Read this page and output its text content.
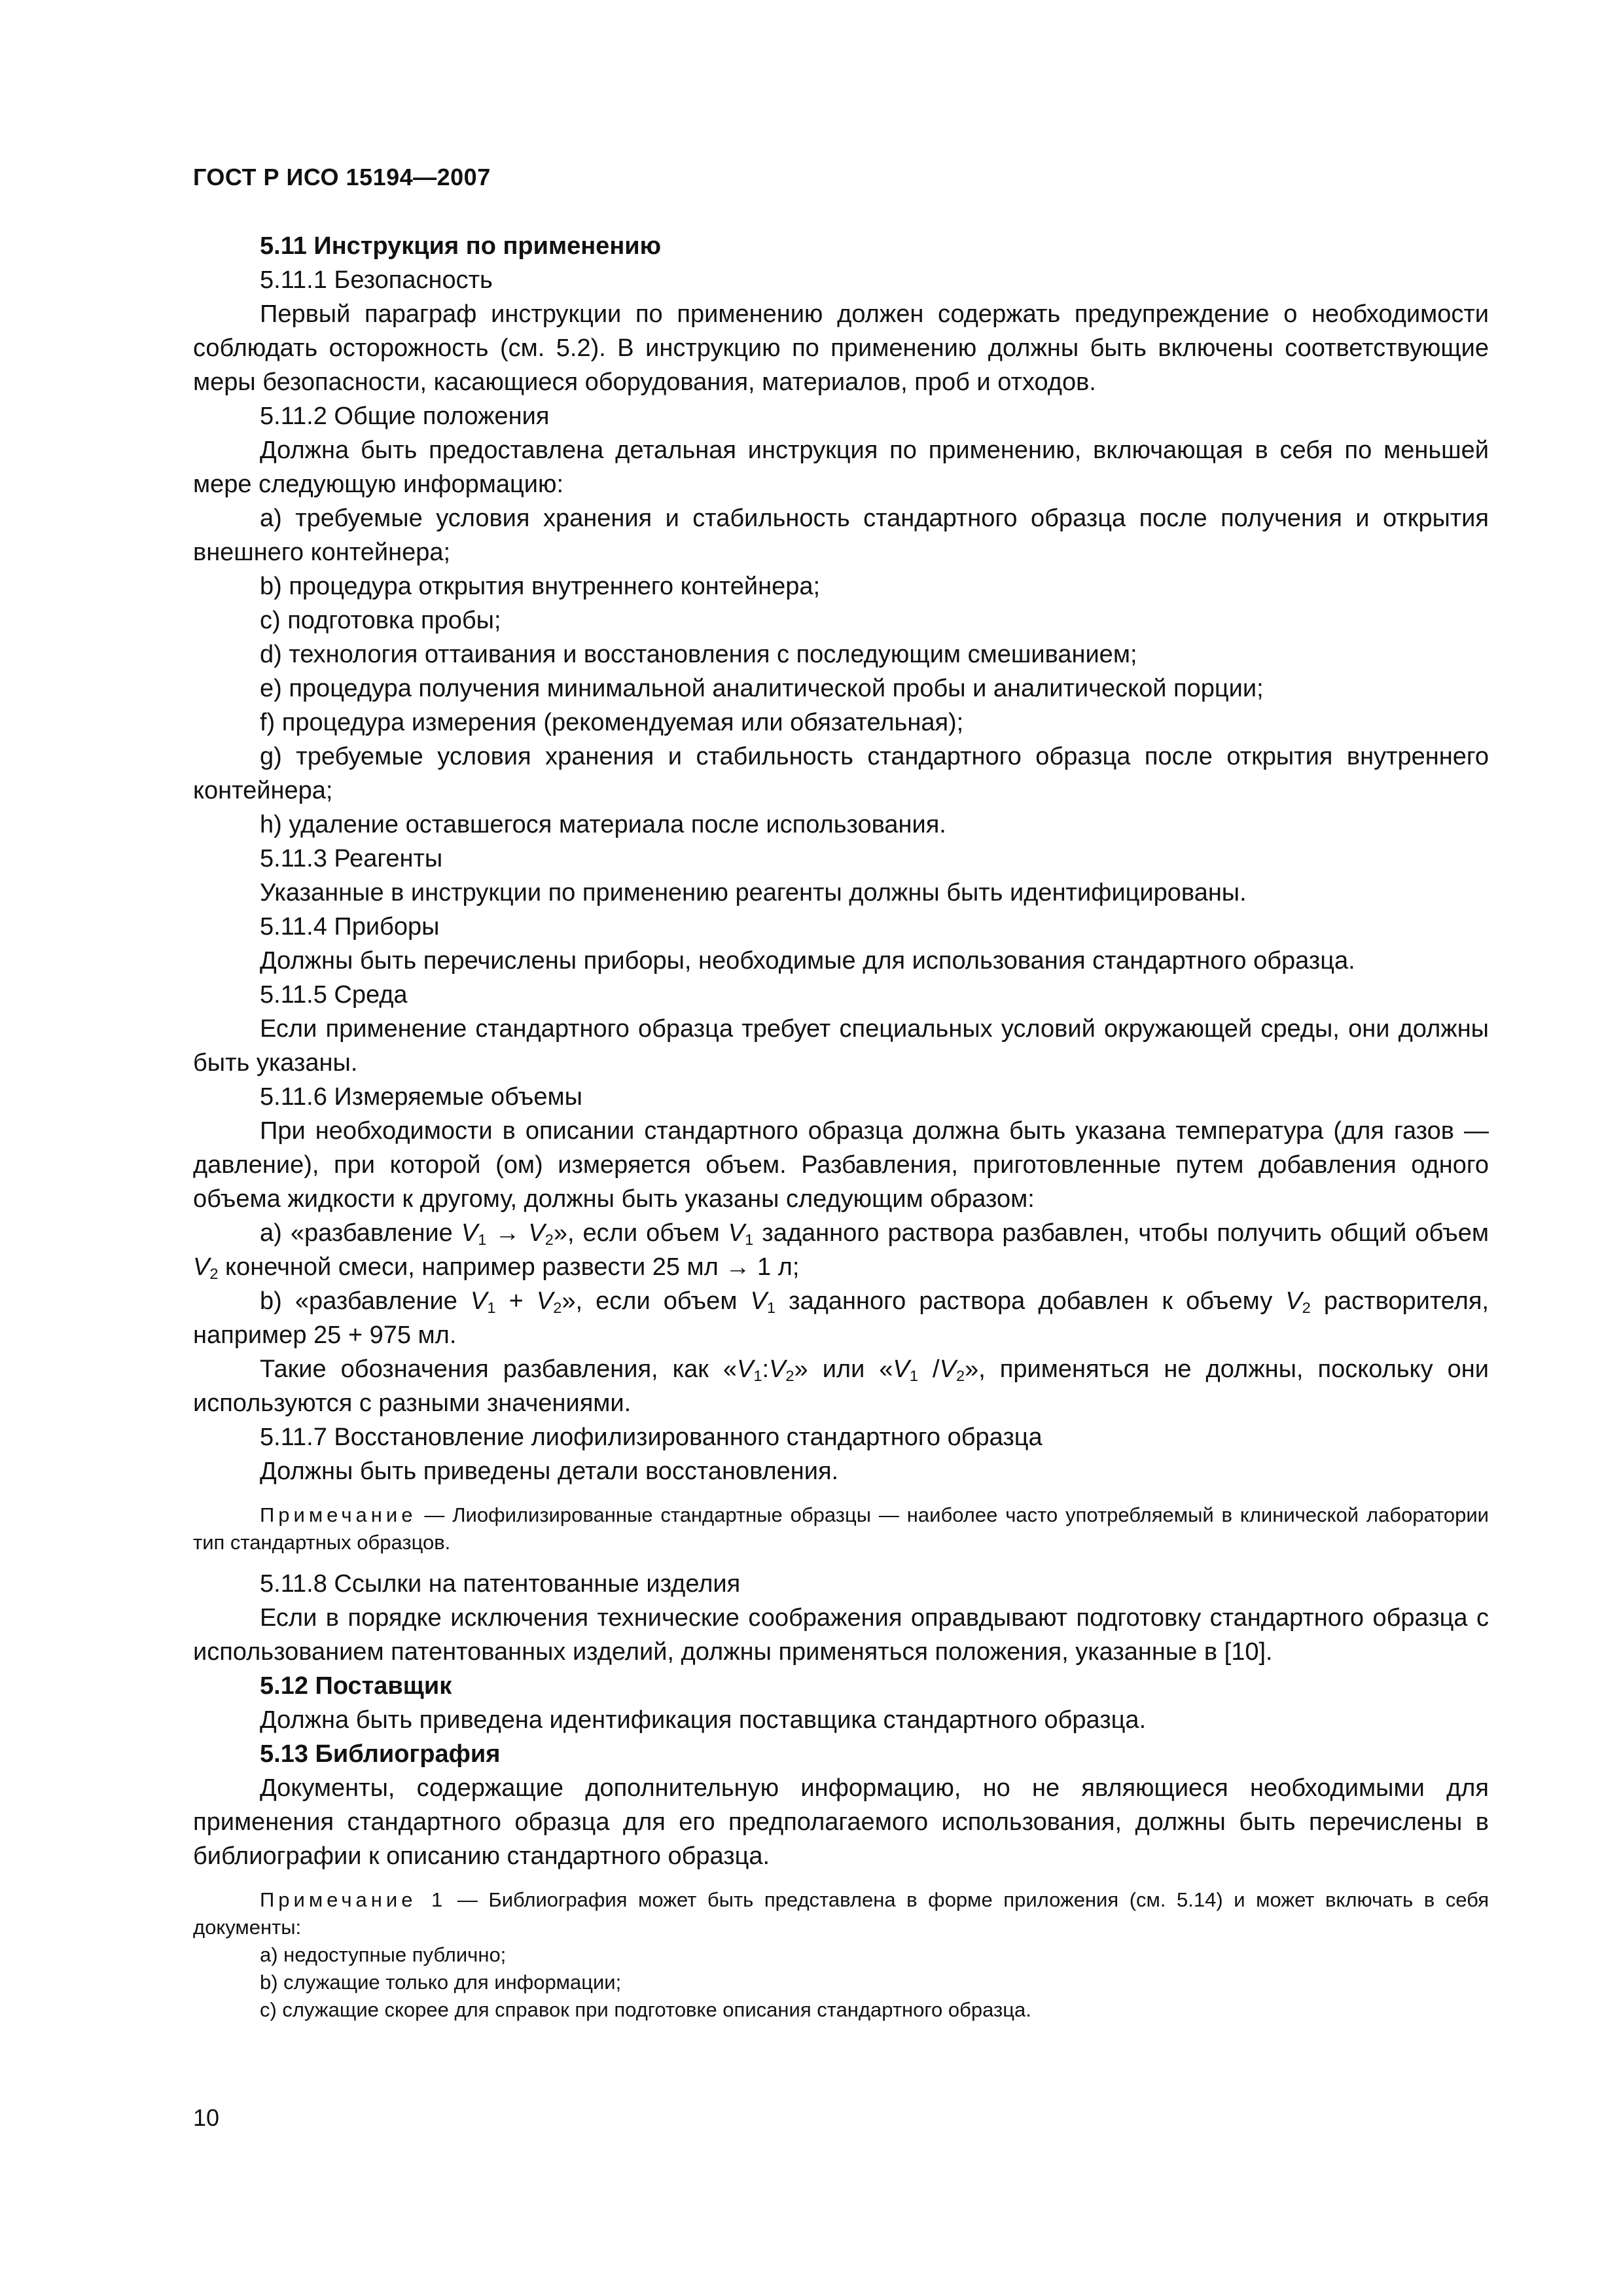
ГОСТ Р ИСО 15194—2007

5.11 Инструкция по применению

5.11.1 Безопасность

Первый параграф инструкции по применению должен содержать предупреждение о необходимости соблюдать осторожность (см. 5.2). В инструкцию по применению должны быть включены соответствующие меры безопасности, касающиеся оборудования, материалов, проб и отходов.

5.11.2 Общие положения

Должна быть предоставлена детальная инструкция по применению, включающая в себя по меньшей мере следующую информацию:

а) требуемые условия хранения и стабильность стандартного образца после получения и открытия внешнего контейнера;

b) процедура открытия внутреннего контейнера;

c) подготовка пробы;

d) технология оттаивания и восстановления с последующим смешиванием;

e) процедура получения минимальной аналитической пробы и аналитической порции;

f) процедура измерения (рекомендуемая или обязательная);

g) требуемые условия хранения и стабильность стандартного образца после открытия внутреннего контейнера;

h) удаление оставшегося материала после использования.

5.11.3 Реагенты

Указанные в инструкции по применению реагенты должны быть идентифицированы.

5.11.4 Приборы

Должны быть перечислены приборы, необходимые для использования стандартного образца.

5.11.5 Среда

Если применение стандартного образца требует специальных условий окружающей среды, они должны быть указаны.

5.11.6 Измеряемые объемы

При необходимости в описании стандартного образца должна быть указана температура (для газов — давление), при которой (ом) измеряется объем. Разбавления, приготовленные путем добавления одного объема жидкости к другому, должны быть указаны следующим образом:

а) «разбавление $V_1 \to V_2$», если объем $V_1$ заданного раствора разбавлен, чтобы получить общий объем $V_2$ конечной смеси, например развести 25 мл → 1 л;

b) «разбавление $V_1 + V_2$», если объем $V_1$ заданного раствора добавлен к объему $V_2$ растворителя, например 25 + 975 мл.

Такие обозначения разбавления, как «$V_1:V_2$» или «$V_1$ $/V_2$», применяться не должны, поскольку они используются с разными значениями.

5.11.7 Восстановление лиофилизированного стандартного образца

Должны быть приведены детали восстановления.

Примечание — Лиофилизированные стандартные образцы — наиболее часто употребляемый в клинической лаборатории тип стандартных образцов.

5.11.8 Ссылки на патентованные изделия

Если в порядке исключения технические соображения оправдывают подготовку стандартного образца с использованием патентованных изделий, должны применяться положения, указанные в [10].

5.12 Поставщик

Должна быть приведена идентификация поставщика стандартного образца.

5.13 Библиография

Документы, содержащие дополнительную информацию, но не являющиеся необходимыми для применения стандартного образца для его предполагаемого использования, должны быть перечислены в библиографии к описанию стандартного образца.

Примечание 1 — Библиография может быть представлена в форме приложения (см. 5.14) и может включать в себя документы:

а) недоступные публично;

b) служащие только для информации;

c) служащие скорее для справок при подготовке описания стандартного образца.

10
